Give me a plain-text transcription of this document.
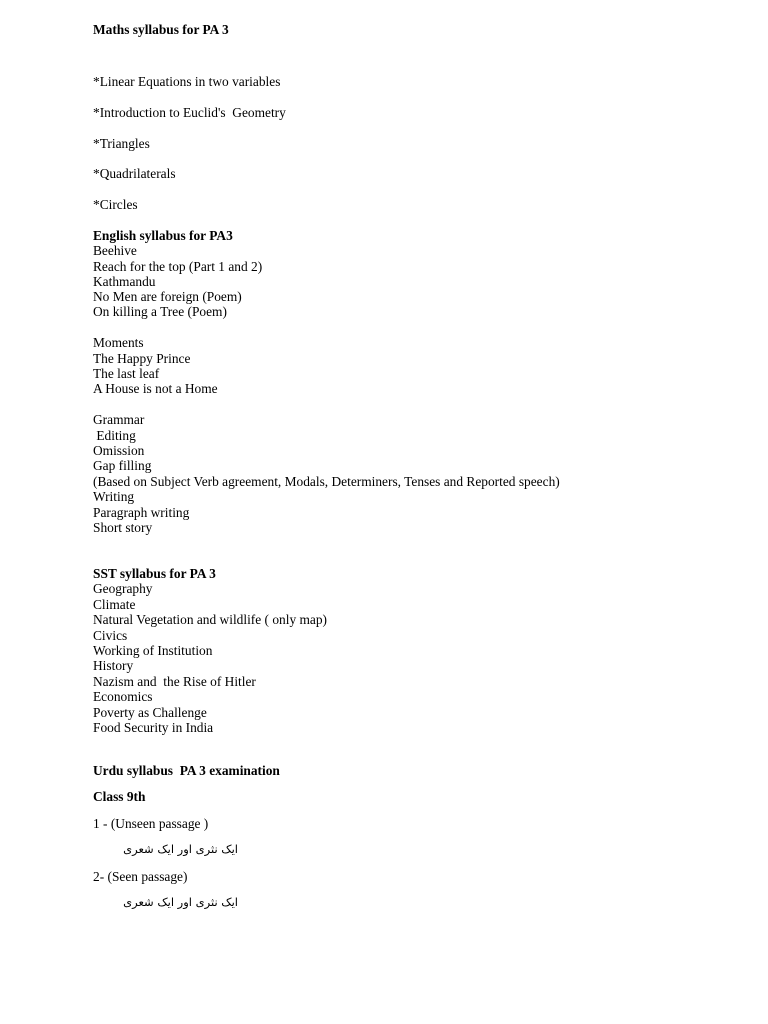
Maths syllabus for PA 3
*Linear Equations in two variables
*Introduction to Euclid's  Geometry
*Triangles
*Quadrilaterals
*Circles
English syllabus for PA3
Beehive
Reach for the top (Part 1 and 2)
Kathmandu
No Men are foreign (Poem)
On killing a Tree (Poem)
Moments
The Happy Prince
The last leaf
A House is not a Home
Grammar
Editing
Omission
Gap filling
(Based on Subject Verb agreement, Modals, Determiners, Tenses and Reported speech)
Writing
Paragraph writing
Short story
SST syllabus for PA 3
Geography
Climate
Natural Vegetation and wildlife ( only map)
Civics
Working of Institution
History
Nazism and  the Rise of Hitler
Economics
Poverty as Challenge
Food Security in India
Urdu syllabus  PA 3 examination
Class 9th
1 - (Unseen passage )
ایک نثری اور ایک شعری
2- (Seen passage)
ایک نثری اور ایک شعری
